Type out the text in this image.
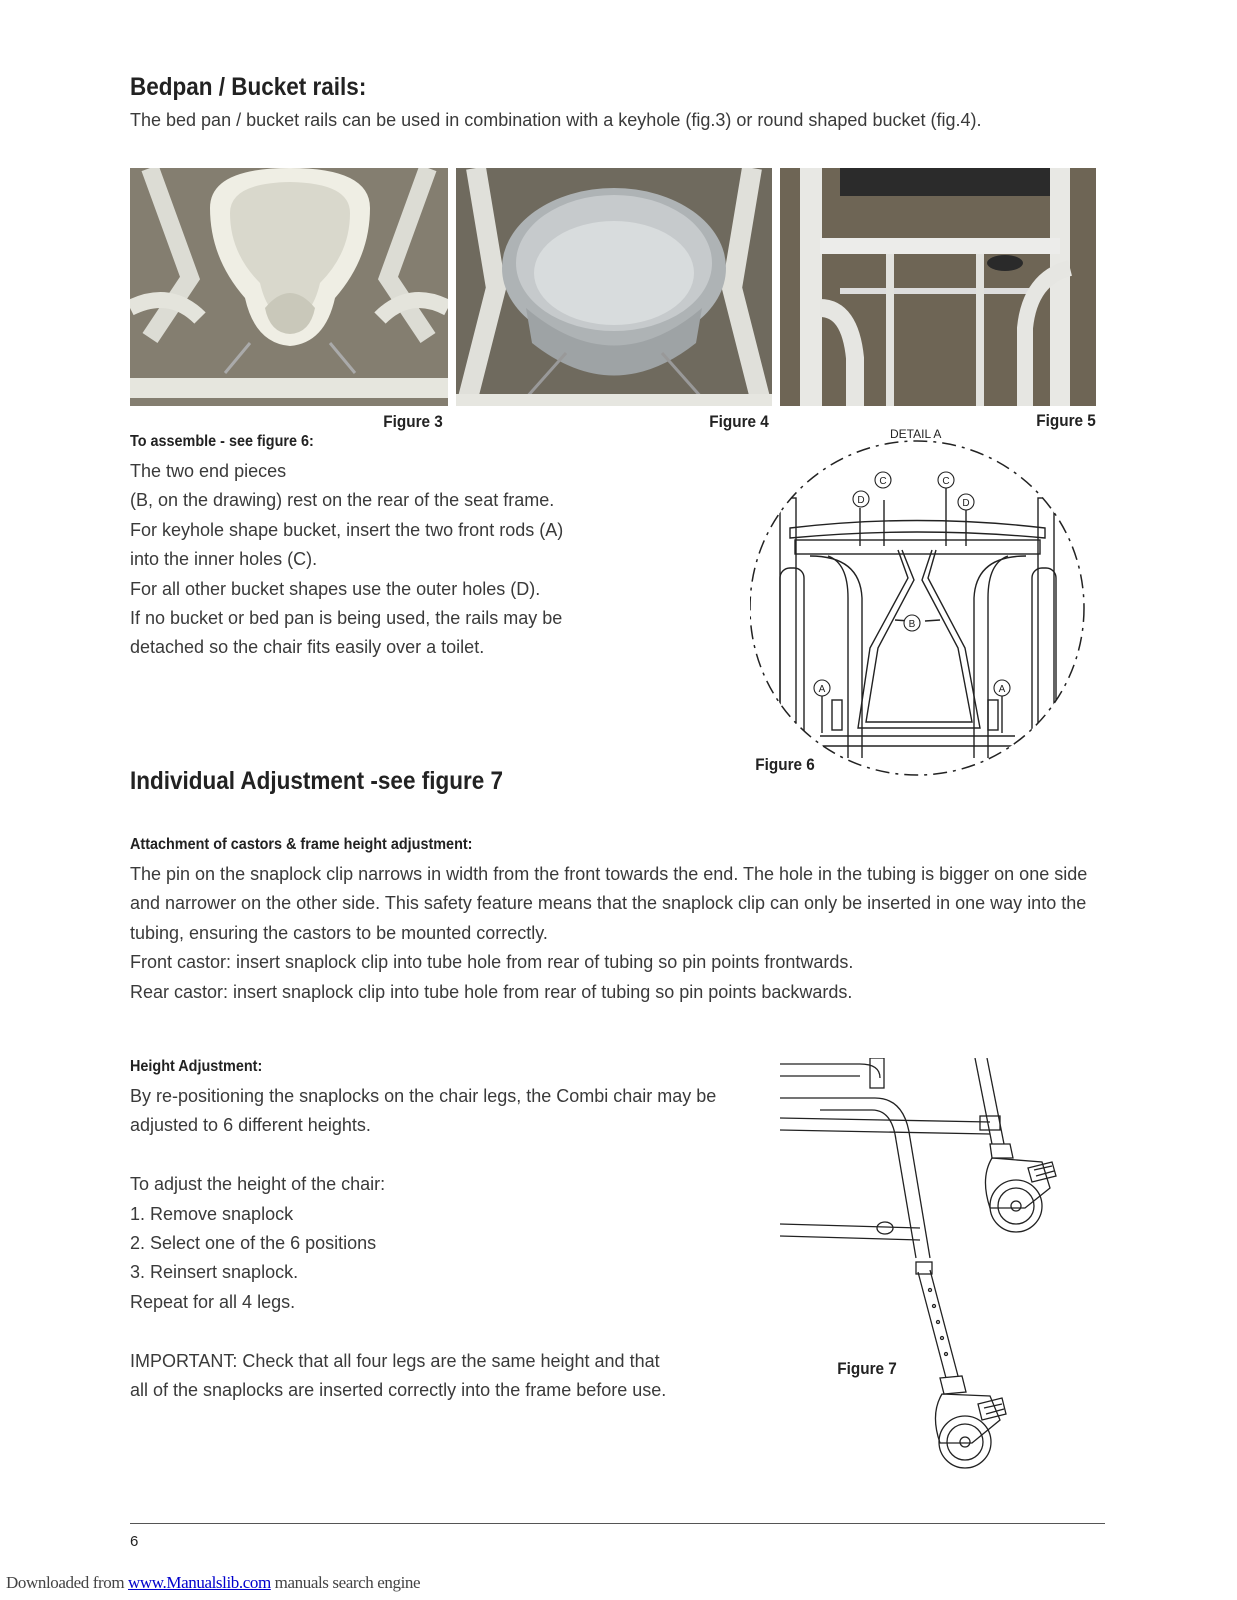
Bedpan / Bucket rails:
The bed pan / bucket rails can be used in combination with a keyhole (fig.3) or round shaped bucket (fig.4).
Figure 3	Figure 4	Figure 5
To assemble - see figure 6:
The two end pieces
(B, on the drawing) rest on the rear of the seat frame.
For keyhole shape bucket, insert the two front rods (A)
into the inner holes (C).
For all other bucket shapes use the outer holes (D).
If no bucket or bed pan is being used, the rails may be
detached so the chair fits easily over a toilet.
DETAIL A
C	C
D	D
B
A	A
Figure 6
Individual Adjustment -see figure 7
Attachment of castors & frame height adjustment:
The pin on the snaplock clip narrows in width from the front towards the end. The hole in the tubing is bigger on one side
and narrower on the other side. This safety feature means that the snaplock clip can only be inserted in one way into the
tubing, ensuring the castors to be mounted correctly.
Front castor: insert snaplock clip into tube hole from rear of tubing so pin points frontwards.
Rear castor: insert snaplock clip into tube hole from rear of tubing so pin points backwards.
Height Adjustment:
By re-positioning the snaplocks on the chair legs, the Combi chair may be
adjusted to 6 different heights.
To adjust the height of the chair:
1. Remove snaplock
2. Select one of the 6 positions
3. Reinsert snaplock.
Repeat for all 4 legs.
IMPORTANT: Check that all four legs are the same height and that
all of the snaplocks are inserted correctly into the frame before use.
Figure 7
6
Downloaded from www.Manualslib.com manuals search engine
